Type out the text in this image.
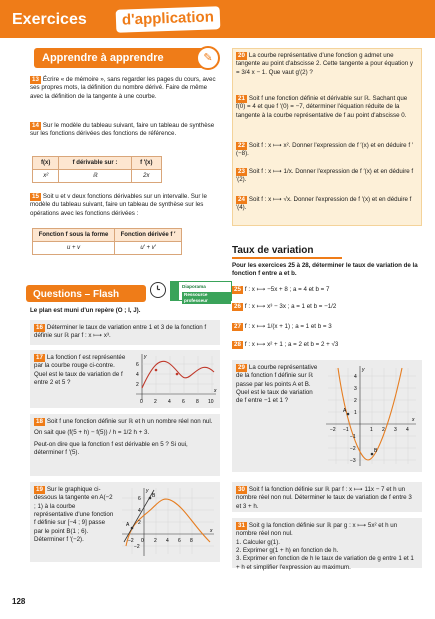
Exercices	d'application
Apprendre à apprendre	✎

13 Écrire « de mémoire », sans regarder les pages du cours, avec ses propres mots, la définition du nombre dérivé. Faire de même avec la définition de la tangente à une courbe.

14 Sur le modèle du tableau suivant, faire un tableau de synthèse sur les fonctions dérivées des fonctions de référence.

f(x)	f dérivable sur :	f ′(x)
x²	ℝ	2x

15 Soit u et v deux fonctions dérivables sur un intervalle. Sur le modèle du tableau suivant, faire un tableau de synthèse sur les opérations avec les fonctions dérivées :

Fonction f sous la forme	Fonction dérivée f ′
u + v	u′ + v′
Questions – Flash
Diaporama
Ressource professeur

Le plan est muni d'un repère (O ; I, J).

16 Déterminer le taux de variation entre 1 et 3 de la fonction f définie sur ℝ par f : x ⟼ x³.
17 La fonction f est représentée par la courbe rouge ci-contre. Quel est le taux de variation de f entre 2 et 5 ?
0 2 4 6 8 10
2
4
6
x
y

18 Soit f une fonction définie sur ℝ et h un nombre réel non nul.

On sait que (f(5 + h) − f(5)) / h = 1/2 h + 3.

Peut-on dire que la fonction f est dérivable en 5 ? Si oui, déterminer f ′(5).

19 Sur le graphique ci-dessous la tangente en A(−2 ; 1) à la courbe représentative d'une fonction f définie sur [−4 ; 9] passe par le point B(1 ; 6). Déterminer f ′(−2).
A
B
−2 0 2 4 6 8
−2
2
4
6
x
y

20 La courbe représentative d'une fonction g admet une tangente au point d'abscisse 2. Cette tangente a pour équation y = 3/4 x − 1. Que vaut g′(2) ?

21 Soit f une fonction définie et dérivable sur ℝ. Sachant que f(0) = 4 et que f ′(0) = −7, déterminer l'équation réduite de la tangente à la courbe représentative de f au point d'abscisse 0.

22 Soit f : x ⟼ x². Donner l'expression de f ′(x) et en déduire f ′(−8).

23 Soit f : x ⟼ 1/x. Donner l'expression de f ′(x) et en déduire f ′(2).

24 Soit f : x ⟼ √x. Donner l'expression de f ′(x) et en déduire f ′(4).

Taux de variation
Pour les exercices 25 à 28, déterminer le taux de variation de la fonction f entre a et b.
25 f : x ⟼ −5x + 8 ; a = 4 et b = 7
26 f : x ⟼ x³ − 3x ; a = 1 et b = −1/2
27 f : x ⟼ 1/(x + 1) ; a = 1 et b = 3
28 f : x ⟼ x² + 1 ; a = 2 et b = 2 + √3
29 La courbe représentative de la fonction f définie sur ℝ passe par les points A et B. Quel est le taux de variation de f entre −1 et 1 ?
A
B
−2 −1	1 2 3 4
−3
−2
−1
1
2
3
4
x
y
30 Soit f la fonction définie sur ℝ par f : x ⟼ 11x − 7 et h un nombre réel non nul. Déterminer le taux de variation de f entre 3 et 3 + h.

31 Soit g la fonction définie sur ℝ par g : x ⟼ 5x² et h un nombre réel non nul.

1. Calculer g(1).

2. Exprimer g(1 + h) en fonction de h.

3. Exprimer en fonction de h le taux de variation de g entre 1 et 1 + h et simplifier l'expression au maximum.

128
